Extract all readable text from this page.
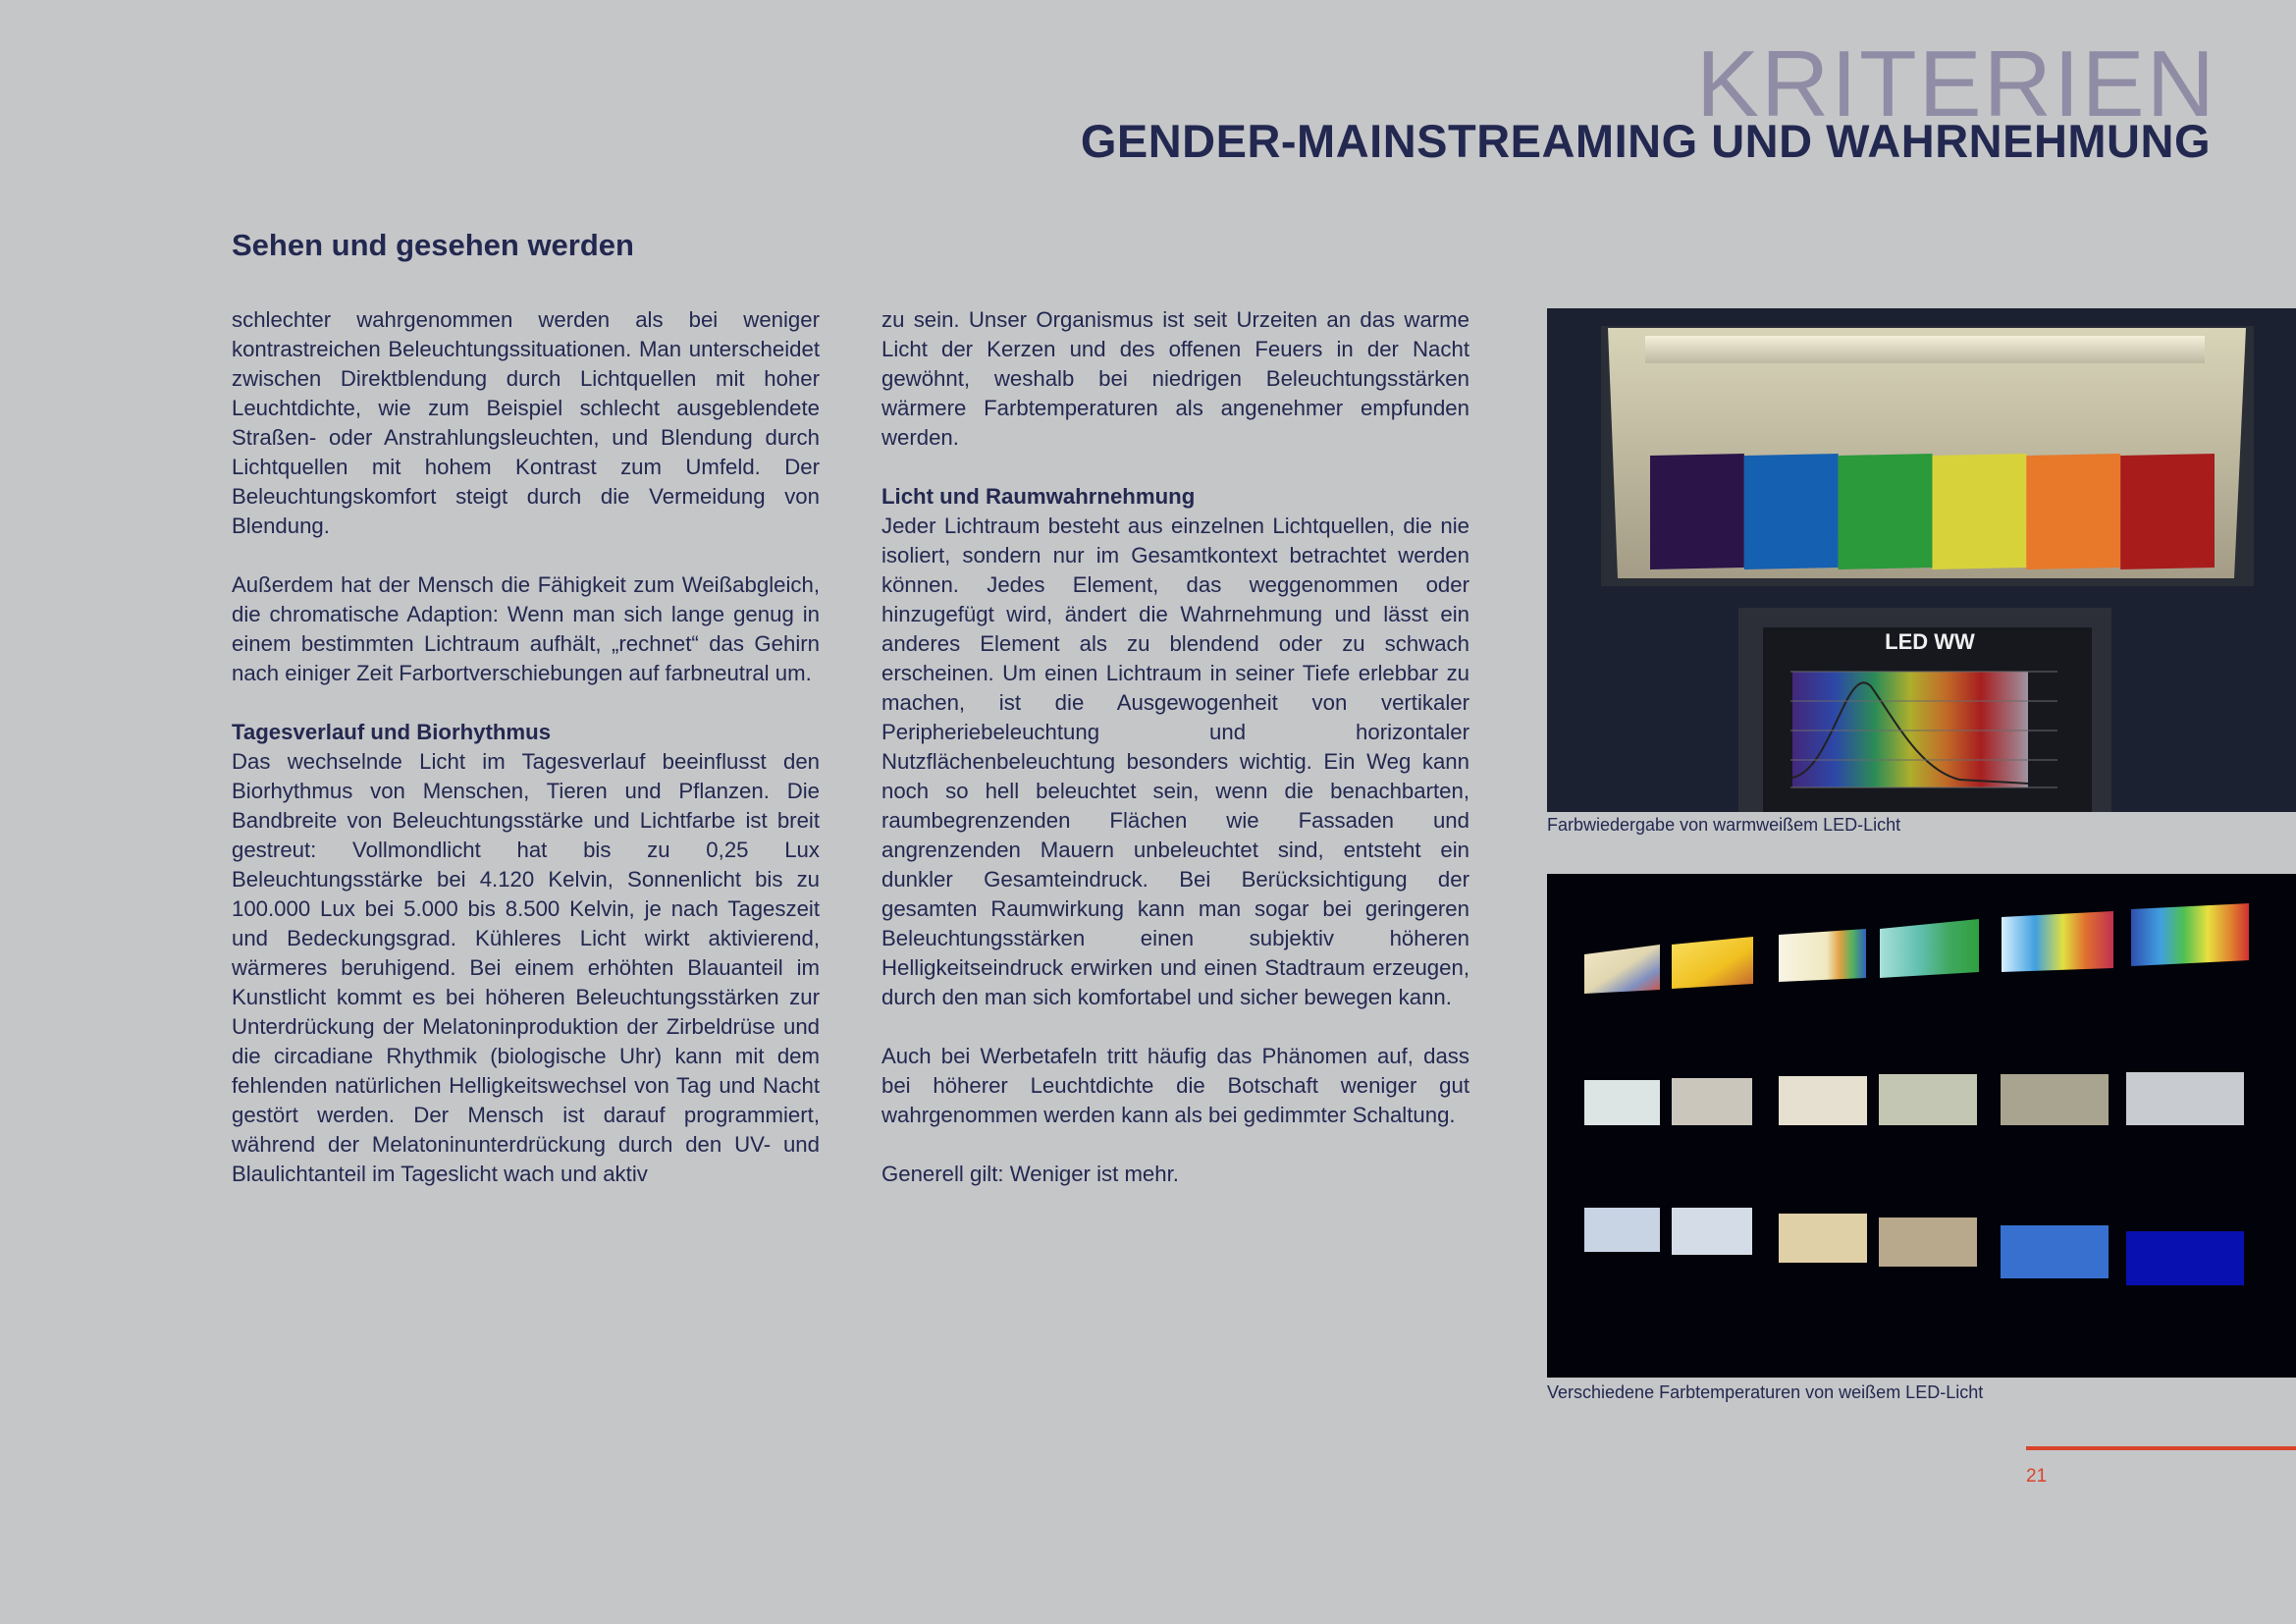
KRITERIEN
GENDER-MAINSTREAMING UND WAHRNEHMUNG
Sehen und gesehen werden

schlechter wahrgenommen werden als bei weniger kontrastreichen Beleuchtungssituationen. Man unterscheidet zwischen Direktblendung durch Lichtquellen mit hoher Leuchtdichte, wie zum Beispiel schlecht ausgeblendete Straßen- oder Anstrahlungsleuchten, und Blendung durch Lichtquellen mit hohem Kontrast zum Umfeld. Der Beleuchtungskomfort steigt durch die Vermeidung von Blendung.

Außerdem hat der Mensch die Fähigkeit zum Weißabgleich, die chromatische Adaption: Wenn man sich lange genug in einem bestimmten Lichtraum aufhält, „rechnet“ das Gehirn nach einiger Zeit Farbortverschiebungen auf farbneutral um.

Tagesverlauf und Biorhythmus

Das wechselnde Licht im Tagesverlauf beeinflusst den Biorhythmus von Menschen, Tieren und Pflanzen. Die Bandbreite von Beleuchtungsstärke und Lichtfarbe ist breit gestreut: Vollmondlicht hat bis zu 0,25 Lux Beleuchtungsstärke bei 4.120 Kelvin, Sonnenlicht bis zu 100.000 Lux bei 5.000 bis 8.500 Kelvin, je nach Tageszeit und Bedeckungsgrad. Kühleres Licht wirkt aktivierend, wärmeres beruhigend. Bei einem erhöhten Blauanteil im Kunstlicht kommt es bei höheren Beleuchtungsstärken zur Unterdrückung der Melatoninproduktion der Zirbeldrüse und die circadiane Rhythmik (biologische Uhr) kann mit dem fehlenden natürlichen Helligkeitswechsel von Tag und Nacht gestört werden. Der Mensch ist darauf programmiert, während der Melatoninunterdrückung durch den UV- und Blaulichtanteil im Tageslicht wach und aktiv

zu sein. Unser Organismus ist seit Urzeiten an das warme Licht der Kerzen und des offenen Feuers in der Nacht gewöhnt, weshalb bei niedrigen Beleuchtungsstärken wärmere Farbtemperaturen als angenehmer empfunden werden.

Licht und Raumwahrnehmung

Jeder Lichtraum besteht aus einzelnen Lichtquellen, die nie isoliert, sondern nur im Gesamtkontext betrachtet werden können. Jedes Element, das weggenommen oder hinzugefügt wird, ändert die Wahrnehmung und lässt ein anderes Element als zu blendend oder zu schwach erscheinen. Um einen Lichtraum in seiner Tiefe erlebbar zu machen, ist die Ausgewogenheit von vertikaler Peripheriebeleuchtung und horizontaler Nutzflächenbeleuchtung besonders wichtig. Ein Weg kann noch so hell beleuchtet sein, wenn die benachbarten, raumbegrenzenden Flächen wie Fassaden und angrenzenden Mauern unbeleuchtet sind, entsteht ein dunkler Gesamteindruck. Bei Berücksichtigung der gesamten Raumwirkung kann man sogar bei geringeren Beleuchtungsstärken einen subjektiv höheren Helligkeitseindruck erwirken und einen Stadtraum erzeugen, durch den man sich komfortabel und sicher bewegen kann.

Auch bei Werbetafeln tritt häufig das Phänomen auf, dass bei höherer Leuchtdichte die Botschaft weniger gut wahrgenommen werden kann als bei gedimmter Schaltung.

Generell gilt: Weniger ist mehr.

LED WW
Farbwiedergabe von warmweißem LED-Licht
Verschiedene Farbtemperaturen von weißem LED-Licht
21
